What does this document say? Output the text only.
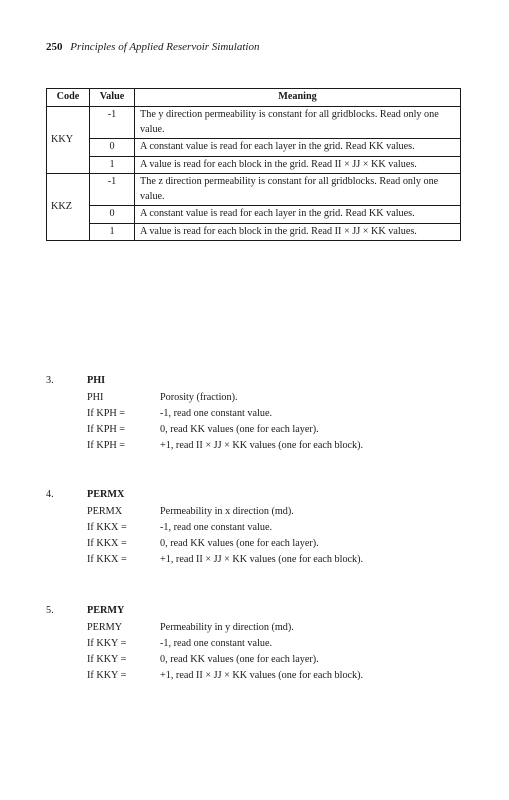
250 Principles of Applied Reservoir Simulation
Code	Value	Meaning
KKY	-1	The y direction permeability is constant for all gridblocks. Read only one value.
	0	A constant value is read for each layer in the grid. Read KK values.
	1	A value is read for each block in the grid. Read II × JJ × KK values.
KKZ	-1	The z direction permeability is constant for all gridblocks. Read only one value.
	0	A constant value is read for each layer in the grid. Read KK values.
	1	A value is read for each block in the grid. Read II × JJ × KK values.
3.	PHI
PHI	Porosity (fraction).
If KPH =	-1, read one constant value.
If KPH =	0, read KK values (one for each layer).
If KPH =	+1, read II × JJ × KK values (one for each block).
4.	PERMX
PERMX	Permeability in x direction (md).
If KKX =	-1, read one constant value.
If KKX =	0, read KK values (one for each layer).
If KKX =	+1, read II × JJ × KK values (one for each block).
5.	PERMY
PERMY	Permeability in y direction (md).
If KKY =	-1, read one constant value.
If KKY =	0, read KK values (one for each layer).
If KKY =	+1, read II × JJ × KK values (one for each block).
